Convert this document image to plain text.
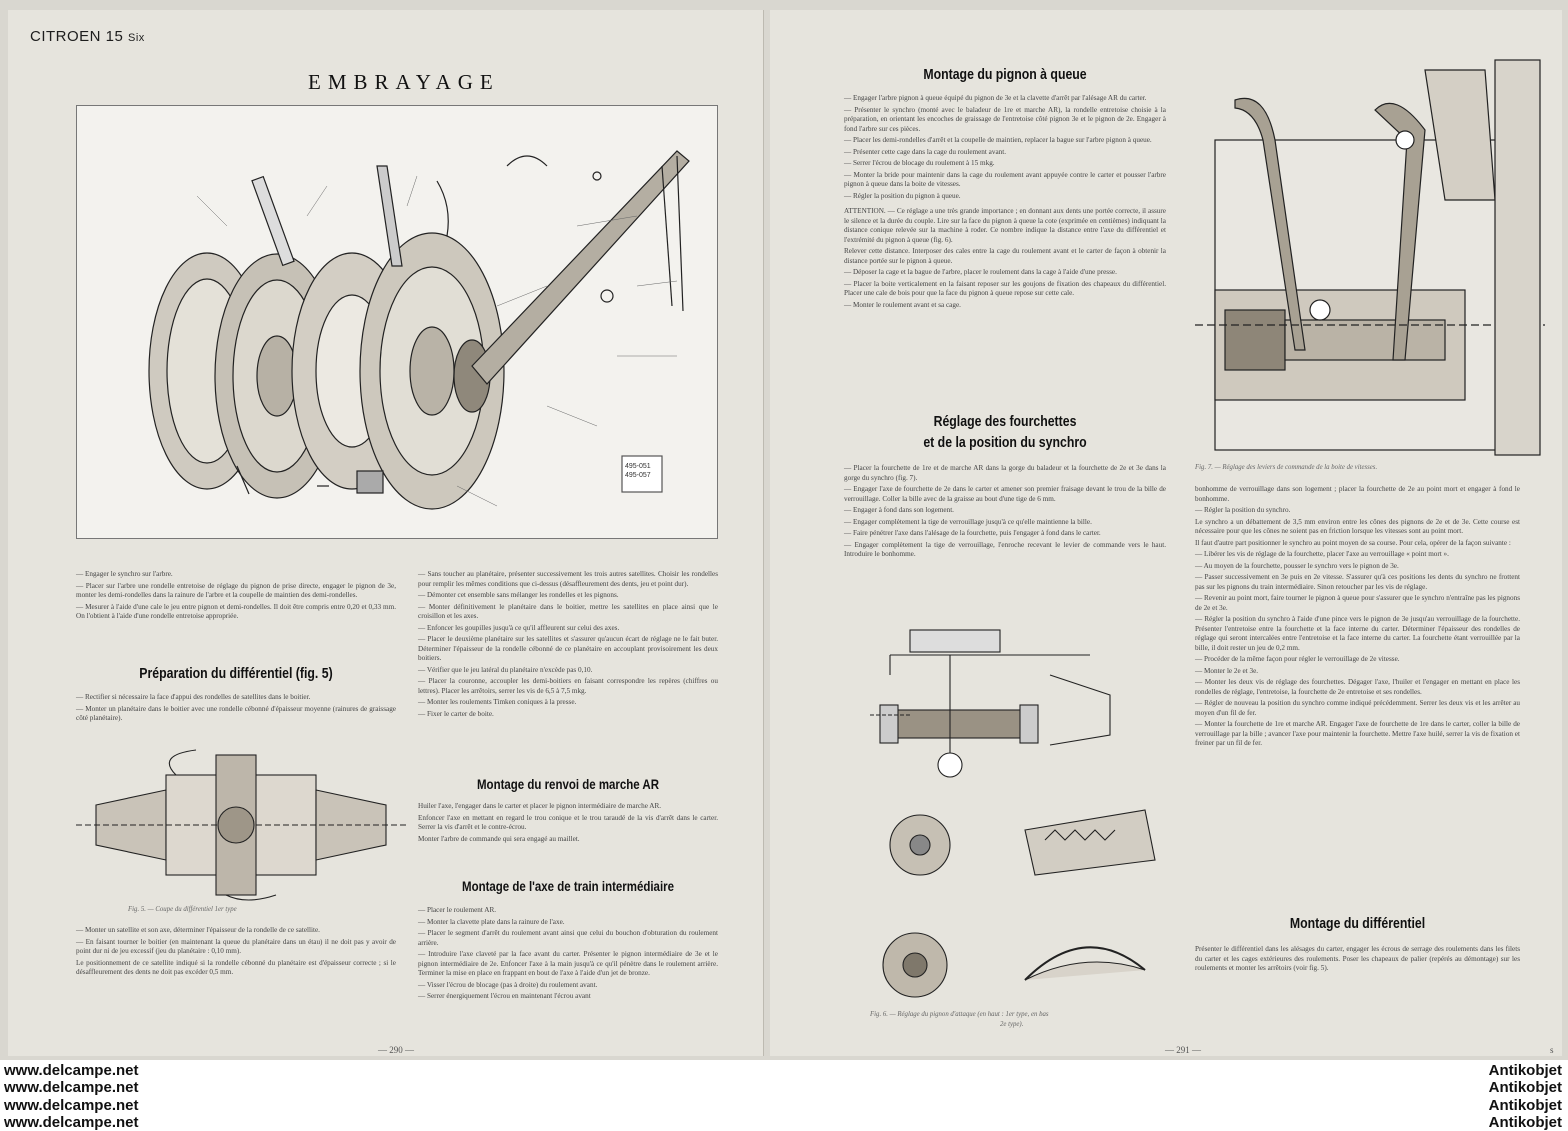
CITROEN 15 Six
EMBRAYAGE
495-051
495-057

— Engager le synchro sur l'arbre.

— Placer sur l'arbre une rondelle entretoise de réglage du pignon de prise directe, engager le pignon de 3e, monter les demi-rondelles dans la rainure de l'arbre et la coupelle de maintien des demi-rondelles.

— Mesurer à l'aide d'une cale le jeu entre pignon et demi-rondelles. Il doit être compris entre 0,20 et 0,33 mm. On l'obtient à l'aide d'une rondelle entretoise appropriée.

Préparation du différentiel (fig. 5)

— Rectifier si nécessaire la face d'appui des rondelles de satellites dans le boitier.

— Monter un planétaire dans le boitier avec une rondelle cébonné d'épaisseur moyenne (rainures de graissage côté planétaire).

Fig. 5. — Coupe du différentiel 1er type

— Monter un satellite et son axe, déterminer l'épaisseur de la rondelle de ce satellite.

— En faisant tourner le boitier (en maintenant la queue du planétaire dans un étau) il ne doit pas y avoir de point dur ni de jeu excessif (jeu du planétaire : 0,10 mm).

Le positionnement de ce satellite indiqué si la rondelle cébonné du planétaire est d'épaisseur correcte ; si le désaffleurement des dents ne doit pas excéder 0,5 mm.

— Sans toucher au planétaire, présenter successivement les trois autres satellites. Choisir les rondelles pour remplir les mêmes conditions que ci-dessus (désaffleurement des dents, jeu et point dur).

— Démonter cet ensemble sans mélanger les rondelles et les pignons.

— Monter définitivement le planétaire dans le boitier, mettre les satellites en place ainsi que le croisillon et les axes.

— Enfoncer les goupilles jusqu'à ce qu'il affleurent sur celui des axes.

— Placer le deuxième planétaire sur les satellites et s'assurer qu'aucun écart de réglage ne le fait buter. Déterminer l'épaisseur de la rondelle cébonné de ce planétaire en accouplant provisoirement les deux boitiers.

— Vérifier que le jeu latéral du planétaire n'excède pas 0,10.

— Placer la couronne, accoupler les demi-boitiers en faisant correspondre les repères (chiffres ou lettres). Placer les arrêtoirs, serrer les vis de 6,5 à 7,5 mkg.

— Monter les roulements Timken coniques à la presse.

— Fixer le carter de boite.

Montage du renvoi de marche AR

Huiler l'axe, l'engager dans le carter et placer le pignon intermédiaire de marche AR.

Enfoncer l'axe en mettant en regard le trou conique et le trou taraudé de la vis d'arrêt dans le carter. Serrer la vis d'arrêt et le contre-écrou.

Monter l'arbre de commande qui sera engagé au maillet.

Montage de l'axe de train intermédiaire

— Placer le roulement AR.

— Monter la clavette plate dans la rainure de l'axe.

— Placer le segment d'arrêt du roulement avant ainsi que celui du bouchon d'obturation du roulement arrière.

— Introduire l'axe claveté par la face avant du carter. Présenter le pignon intermédiaire de 3e et le pignon intermédiaire de 2e. Enfoncer l'axe à la main jusqu'à ce qu'il pénètre dans le roulement arrière. Terminer la mise en place en frappant en bout de l'axe à l'aide d'un jet de bronze.

— Visser l'écrou de blocage (pas à droite) du roulement avant.

— Serrer énergiquement l'écrou en maintenant l'écrou avant

— 290 —
Montage du pignon à queue

— Engager l'arbre pignon à queue équipé du pignon de 3e et la clavette d'arrêt par l'alésage AR du carter.

— Présenter le synchro (monté avec le baladeur de 1re et marche AR), la rondelle entretoise choisie à la préparation, en orientant les encoches de graissage de l'entretoise côté pignon 3e et le pignon de 2e. Engager à fond l'arbre sur ces pièces.

— Placer les demi-rondelles d'arrêt et la coupelle de maintien, replacer la bague sur l'arbre pignon à queue.

— Présenter cette cage dans la cage du roulement avant.

— Serrer l'écrou de blocage du roulement à 15 mkg.

— Monter la bride pour maintenir dans la cage du roulement avant appuyée contre le carter et pousser l'arbre pignon à queue dans la boite de vitesses.

— Régler la position du pignon à queue.

ATTENTION. — Ce réglage a une très grande importance ; en donnant aux dents une portée correcte, il assure le silence et la durée du couple. Lire sur la face du pignon à queue la cote (exprimée en centièmes) indiquant la distance conique relevée sur la machine à roder. Ce nombre indique la distance entre l'axe du différentiel et l'extrémité du pignon à queue (fig. 6).

Relever cette distance. Interposer des cales entre la cage du roulement avant et le carter de façon à obtenir la distance portée sur le pignon à queue.

— Déposer la cage et la bague de l'arbre, placer le roulement dans la cage à l'aide d'une presse.

— Placer la boite verticalement en la faisant reposer sur les goujons de fixation des chapeaux du différentiel. Placer une cale de bois pour que la face du pignon à queue repose sur cette cale.

— Monter le roulement avant et sa cage.

Réglage des fourchettes
et de la position du synchro

— Placer la fourchette de 1re et de marche AR dans la gorge du baladeur et la fourchette de 2e et 3e dans la gorge du synchro (fig. 7).

— Engager l'axe de fourchette de 2e dans le carter et amener son premier fraisage devant le trou de la bille de verrouillage. Coller la bille avec de la graisse au bout d'une tige de 6 mm.

— Engager à fond dans son logement.

— Engager complètement la tige de verrouillage jusqu'à ce qu'elle maintienne la bille.

— Faire pénétrer l'axe dans l'alésage de la fourchette, puis l'engager à fond dans le carter.

— Engager complètement la tige de verrouillage, l'enroche recevant le levier de commande vers le haut. Introduire le bonhomme.

Fig. 6. — Réglage du pignon d'attaque (en haut : 1er type, en bas
2e type).
Fig. 7. — Réglage des leviers de commande de la boite de vitesses.

bonhomme de verrouillage dans son logement ; placer la fourchette de 2e au point mort et engager à fond le bonhomme.

— Régler la position du synchro.

Le synchro a un débattement de 3,5 mm environ entre les cônes des pignons de 2e et de 3e. Cette course est nécessaire pour que les cônes ne soient pas en friction lorsque les vitesses sont au point mort.

Il faut d'autre part positionner le synchro au point moyen de sa course. Pour cela, opérer de la façon suivante :

— Libérer les vis de réglage de la fourchette, placer l'axe au verrouillage « point mort ».

— Au moyen de la fourchette, pousser le synchro vers le pignon de 3e.

— Passer successivement en 3e puis en 2e vitesse. S'assurer qu'à ces positions les dents du synchro ne frottent pas sur les pignons du train intermédiaire. Sinon retoucher par les vis de réglage.

— Revenir au point mort, faire tourner le pignon à queue pour s'assurer que le synchro n'entraîne pas les pignons de 2e et 3e.

— Régler la position du synchro à l'aide d'une pince vers le pignon de 3e jusqu'au verrouillage de la fourchette. Présenter l'entretoise entre la fourchette et la face interne du carter. Déterminer l'épaisseur des rondelles de réglage qui seront intercalées entre l'entretoise et la face interne du carter. La fourchette étant verrouillée par la bille, il doit rester un jeu de 0,2 mm.

— Procéder de la même façon pour régler le verrouillage de 2e vitesse.

— Monter le 2e et 3e.

— Monter les deux vis de réglage des fourchettes. Dégager l'axe, l'huiler et l'engager en mettant en place les rondelles de réglage, l'entretoise, la fourchette de 2e entretoise et ses rondelles.

— Régler de nouveau la position du synchro comme indiqué précédemment. Serrer les deux vis et les arrêter au moyen d'un fil de fer.

— Monter la fourchette de 1re et marche AR. Engager l'axe de fourchette de 1re dans le carter, coller la bille de verrouillage par la bille ; avancer l'axe pour maintenir la fourchette. Mettre l'axe huilé, serrer la vis de fixation et freiner par un fil de fer.

Montage du différentiel

Présenter le différentiel dans les alésages du carter, engager les écrous de serrage des roulements dans les filets du carter et les cages extérieures des roulements. Poser les chapeaux de palier (repérés au démontage) sur les roulements et monter les arrêtoirs (voir fig. 5).

— 291 —	s
www.delcampe.net
www.delcampe.net
www.delcampe.net
www.delcampe.net
Antikobjet
Antikobjet
Antikobjet
Antikobjet
